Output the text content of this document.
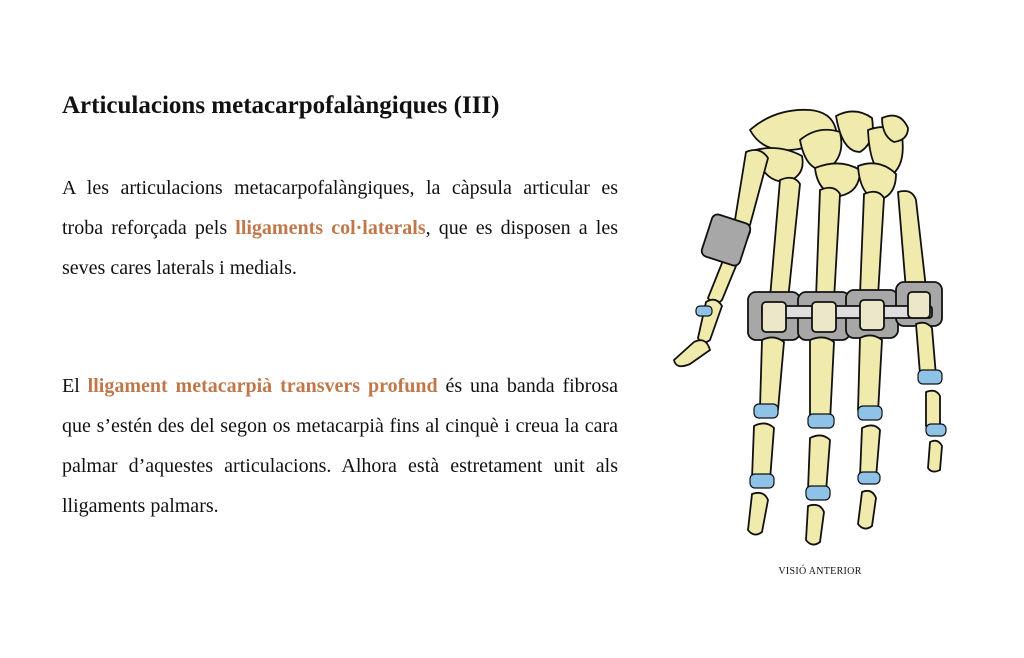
Articulacions metacarpofalàngiques (III)

A les articulacions metacarpofalàngiques, la càpsula articular es troba reforçada pels lligaments col·laterals, que es disposen a les seves cares laterals i medials.

El lligament metacarpià transvers profund és una banda fibrosa que s’estén des del segon os metacarpià fins al cinquè i creua la cara palmar d’aquestes articulacions. Alhora està estretament unit als lligaments palmars.

VISIÓ ANTERIOR
